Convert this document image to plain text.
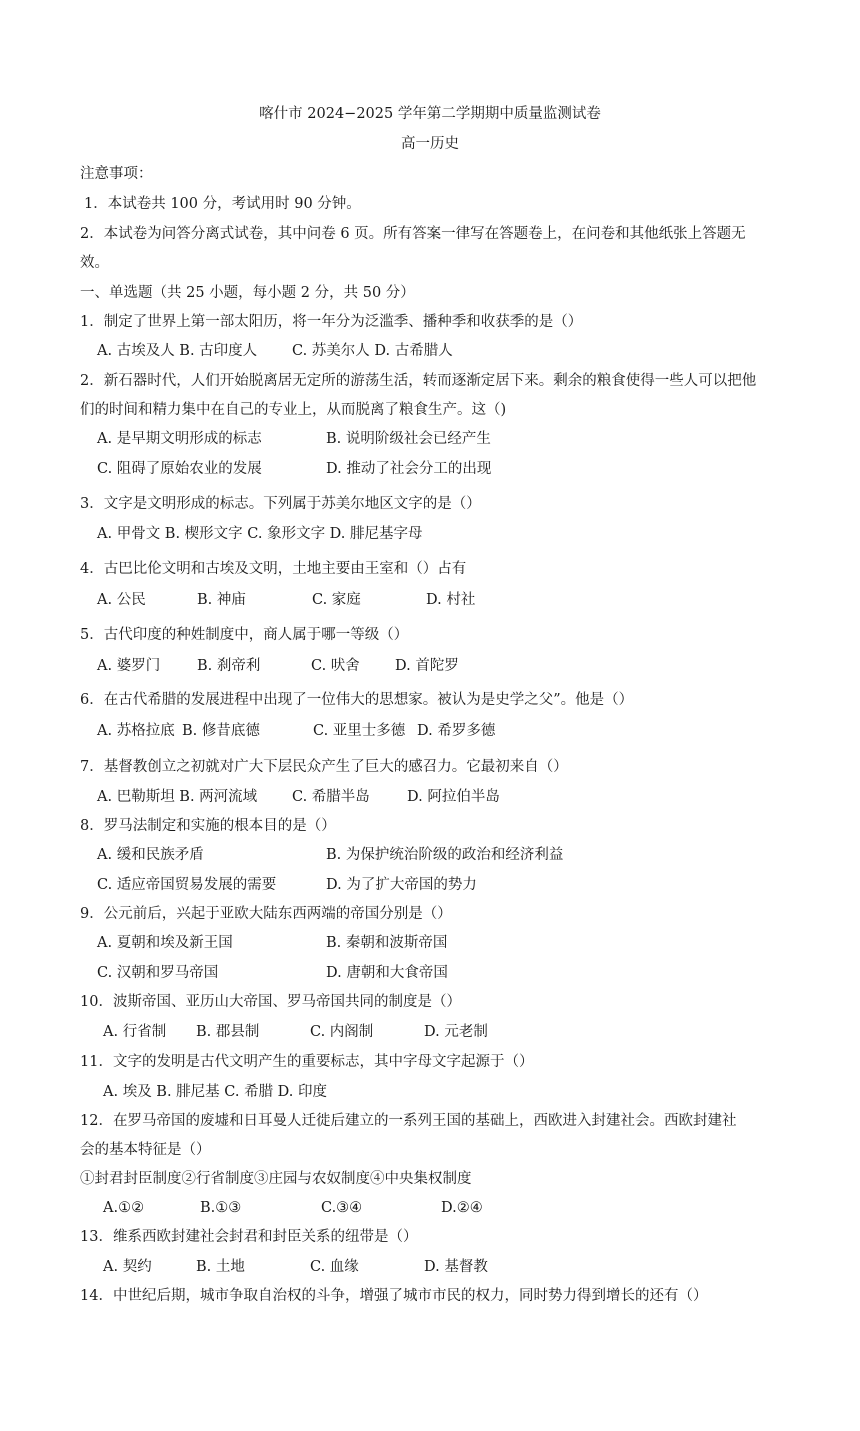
喀什市 2024−2025 学年第二学期期中质量监测试卷
高一历史
注意事项：
1．本试卷共 100 分，考试用时 90 分钟。
2．本试卷为问答分离式试卷，其中问卷 6 页。所有答案一律写在答题卷上，在问卷和其他纸张上答题无
效。
一、单选题（共 25 小题，每小题 2 分，共 50 分）
1．制定了世界上第一部太阳历，将一年分为泛滥季、播种季和收获季的是（）
A. 古埃及人 B. 古印度人 C. 苏美尔人 D. 古希腊人
2．新石器时代，人们开始脱离居无定所的游荡生活，转而逐渐定居下来。剩余的粮食使得一些人可以把他
们的时间和精力集中在自己的专业上，从而脱离了粮食生产。这（)
A. 是早期文明形成的标志	B. 说明阶级社会已经产生
C. 阻碍了原始农业的发展	D. 推动了社会分工的出现
3．文字是文明形成的标志。下列属于苏美尔地区文字的是（）
A. 甲骨文 B. 楔形文字 C. 象形文字 D. 腓尼基字母
4．古巴比伦文明和古埃及文明，土地主要由王室和（）占有
A. 公民	B. 神庙	C. 家庭	D. 村社
5．古代印度的种姓制度中，商人属于哪一等级（）
A. 婆罗门	B. 刹帝利	C. 吠舍 D. 首陀罗
6．在古代希腊的发展进程中出现了一位伟大的思想家。被认为是史学之父”。他是（）
A. 苏格拉底 B. 修昔底德	C. 亚里士多德 D. 希罗多德
7．基督教创立之初就对广大下层民众产生了巨大的感召力。它最初来自（）
A. 巴勒斯坦 B. 两河流域 C. 希腊半岛	D. 阿拉伯半岛
8．罗马法制定和实施的根本目的是（）
A. 缓和民族矛盾	B. 为保护统治阶级的政治和经济利益
C. 适应帝国贸易发展的需要	D. 为了扩大帝国的势力
9．公元前后，兴起于亚欧大陆东西两端的帝国分别是（）
A. 夏朝和埃及新王国	B. 秦朝和波斯帝国
C. 汉朝和罗马帝国	D. 唐朝和大食帝国
10．波斯帝国、亚历山大帝国、罗马帝国共同的制度是（）
A. 行省制 B. 郡县制	C. 内阁制	D. 元老制
11．文字的发明是古代文明产生的重要标志，其中字母文字起源于（）
A. 埃及 B. 腓尼基 C. 希腊 D. 印度
12．在罗马帝国的废墟和日耳曼人迁徙后建立的一系列王国的基础上，西欧进入封建社会。西欧封建社
会的基本特征是（）
①封君封臣制度②行省制度③庄园与农奴制度④中央集权制度
A.①②	B.①③	C.③④	D.②④
13．维系西欧封建社会封君和封臣关系的纽带是（）
A. 契约	B. 土地	C. 血缘	D. 基督教
14．中世纪后期，城市争取自治权的斗争，增强了城市市民的权力，同时势力得到增长的还有（）
